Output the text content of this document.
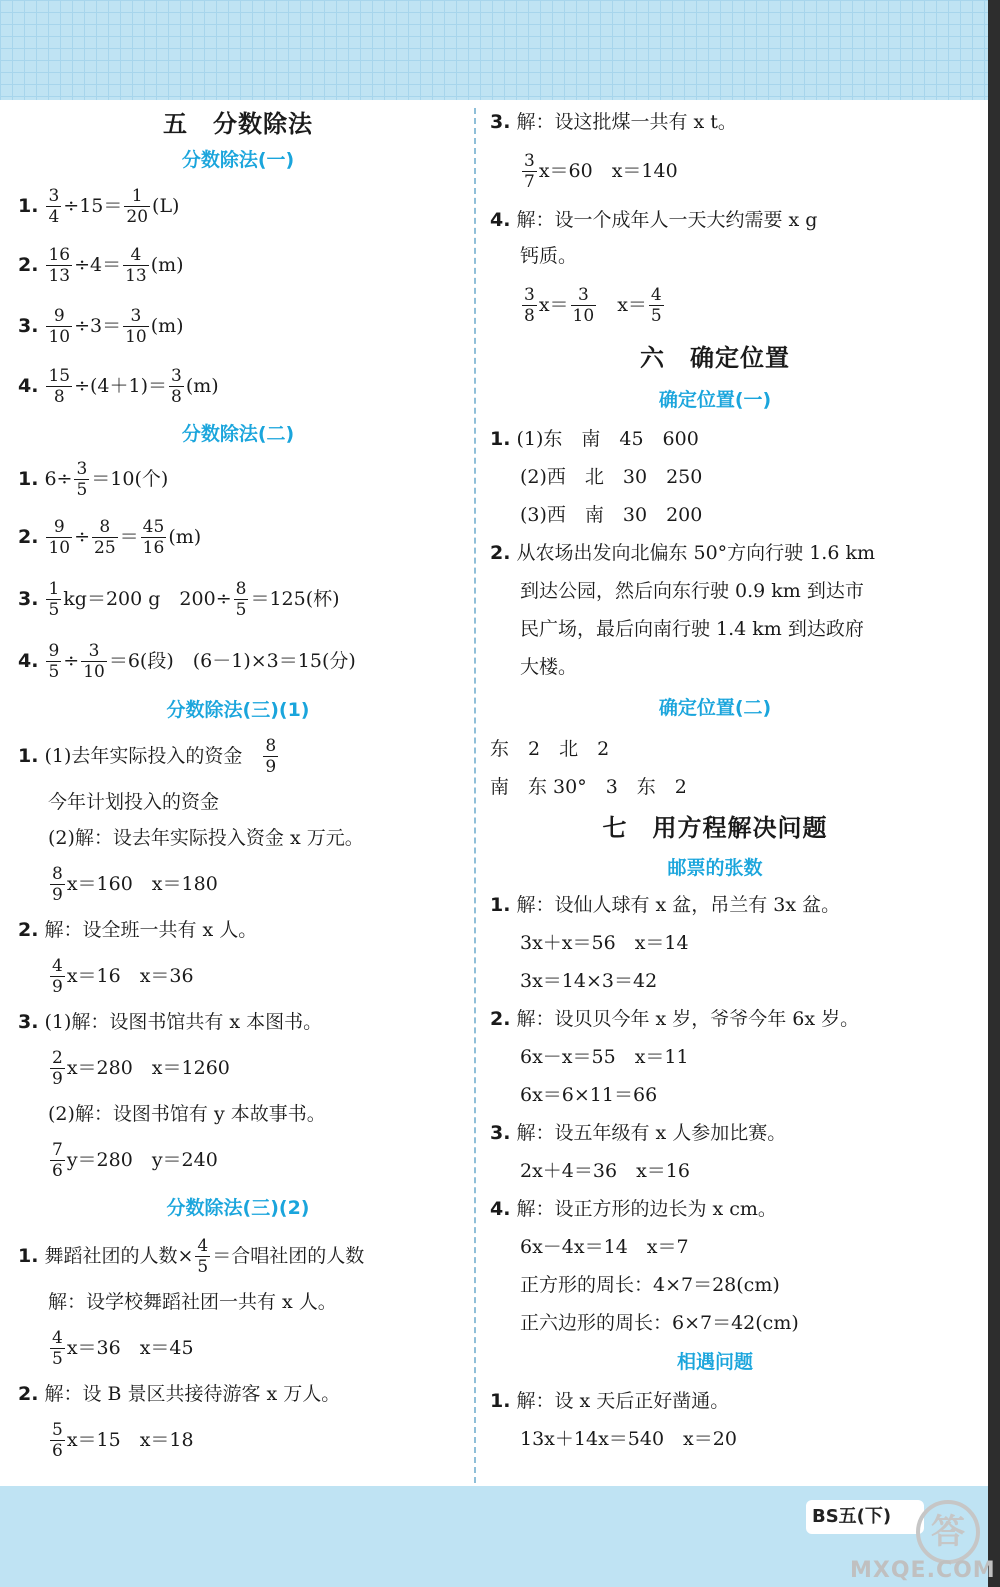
五　分数除法
分数除法(一)
1. $\frac{3}{4} \div 15= \frac{1}{20} (L)$
2. $\frac{16}{13} \div 4= \frac{4}{13} (m)$
3. $\frac{9}{10} \div 3= \frac{3}{10} (m)$
4. $\frac{15}{8} \div(4+1)= \frac{3}{8} (m)$
分数除法(二)
1. $6\div \frac{3}{5} =10$(个)
2. $\frac{9}{10} \div \frac{8}{25} = \frac{45}{16} (m)$
3. $\frac{1}{5} kg=200$ g　$200\div \frac{8}{5} =125$(杯)
4. $\frac{9}{5} \div \frac{3}{10} =6$(段)　(6－1)×3＝15(分)
分数除法(三)(1)
1. (1)去年实际投入的资金　 $\frac{8}{9}$
今年计划投入的资金
(2)解：设去年实际投入资金 x 万元。
$\frac{8}{9} x=160$　x＝180
2. 解：设全班一共有 x 人。
$\frac{4}{9} x=16$　x＝36
3. (1)解：设图书馆共有 x 本图书。
$\frac{2}{9} x=280$　x＝1260
(2)解：设图书馆有 y 本故事书。
$\frac{7}{6} y=280$　y＝240
分数除法(三)(2)
1. 舞蹈社团的人数× $\frac{4}{5}$ ＝合唱社团的人数
解：设学校舞蹈社团一共有 x 人。
$\frac{4}{5} x=36$　x＝45
2. 解：设 B 景区共接待游客 x 万人。
$\frac{5}{6} x=15$　x＝18
3. 解：设这批煤一共有 x t。
$\frac{3}{7} x=60$　x＝140
4. 解：设一个成年人一天大约需要 x g
钙质。
$\frac{3}{8} x= \frac{3}{10}$ 　$x= \frac{4}{5}$
六　确定位置
确定位置(一)
1. (1)东　南　45　600
(2)西　北　30　250
(3)西　南　30　200
2. 从农场出发向北偏东 50°方向行驶 1.6 km
到达公园，然后向东行驶 0.9 km 到达市
民广场，最后向南行驶 1.4 km 到达政府
大楼。
确定位置(二)
东　2　北　2
南　东 30°　3　东　2
七　用方程解决问题
邮票的张数
1. 解：设仙人球有 x 盆，吊兰有 3x 盆。
3x＋x＝56　x＝14
3x＝14×3＝42
2. 解：设贝贝今年 x 岁，爷爷今年 6x 岁。
6x－x＝55　x＝11
6x＝6×11＝66
3. 解：设五年级有 x 人参加比赛。
2x＋4＝36　x＝16
4. 解：设正方形的边长为 x cm。
6x－4x＝14　x＝7
正方形的周长：4×7＝28(cm)
正六边形的周长：6×7＝42(cm)
相遇问题
1. 解：设 x 天后正好凿通。
13x＋14x＝540　x＝20
BS五(下)	答
MXQE.COM
